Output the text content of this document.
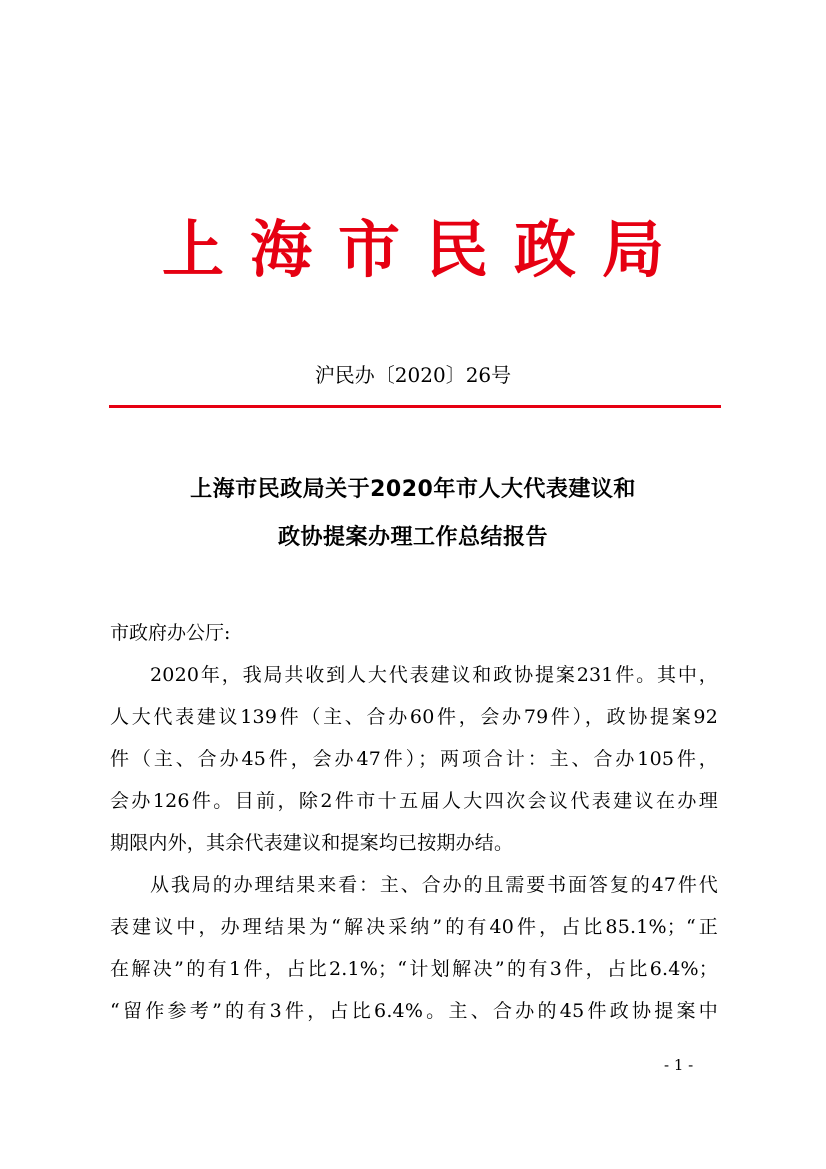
上海市民政局
沪民办〔2020〕26号
上海市民政局关于2020年市人大代表建议和
政协提案办理工作总结报告
市政府办公厅:
2020年，我局共收到人大代表建议和政协提案231件。其中，
人大代表建议139件（主、合办60件，会办79件），政协提案92
件（主、合办45件，会办47件）；两项合计：主、合办105件，
会办126件。目前，除2件市十五届人大四次会议代表建议在办理
期限内外，其余代表建议和提案均已按期办结。
从我局的办理结果来看：主、合办的且需要书面答复的47件代
表建议中，办理结果为“解决采纳”的有40件，占比85.1%；“正
在解决”的有1件，占比2.1%；“计划解决”的有3件，占比6.4%；
“留作参考”的有3件，占比6.4%。主、合办的45件政协提案中
- 1 -
